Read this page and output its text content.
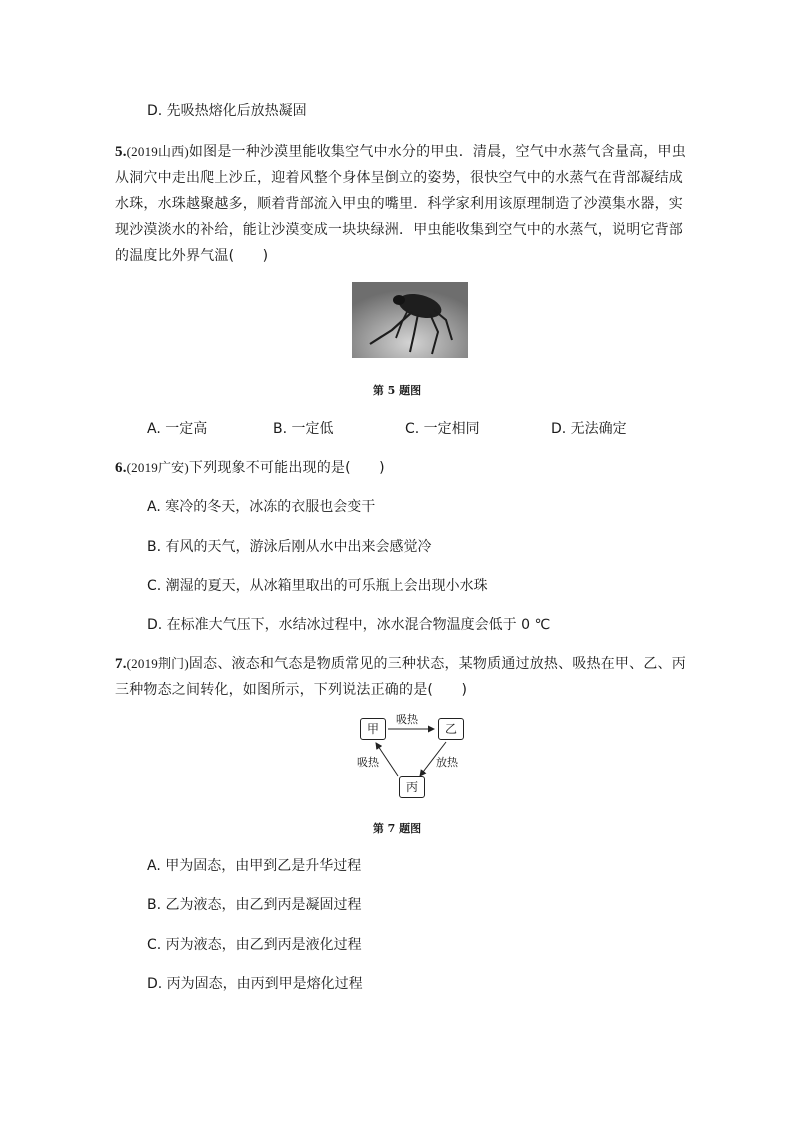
D. 先吸热熔化后放热凝固
5.(2019山西)如图是一种沙漠里能收集空气中水分的甲虫．清晨，空气中水蒸气含量高，甲虫从洞穴中走出爬上沙丘，迎着风整个身体呈倒立的姿势，很快空气中的水蒸气在背部凝结成水珠，水珠越聚越多，顺着背部流入甲虫的嘴里．科学家利用该原理制造了沙漠集水器，实现沙漠淡水的补给，能让沙漠变成一块块绿洲．甲虫能收集到空气中的水蒸气，说明它背部的温度比外界气温(　　)
第 5 题图
A. 一定高	B. 一定低	C. 一定相同	D. 无法确定
6.(2019广安)下列现象不可能出现的是(　　)
A. 寒冷的冬天，冰冻的衣服也会变干
B. 有风的天气，游泳后刚从水中出来会感觉冷
C. 潮湿的夏天，从冰箱里取出的可乐瓶上会出现小水珠
D. 在标准大气压下，水结冰过程中，冰水混合物温度会低于 0 ℃
7.(2019荆门)固态、液态和气态是物质常见的三种状态，某物质通过放热、吸热在甲、乙、丙三种物态之间转化，如图所示，下列说法正确的是(　　)
甲	乙
丙
吸热
放热
吸热
第 7 题图
A. 甲为固态，由甲到乙是升华过程
B. 乙为液态，由乙到丙是凝固过程
C. 丙为液态，由乙到丙是液化过程
D. 丙为固态，由丙到甲是熔化过程
